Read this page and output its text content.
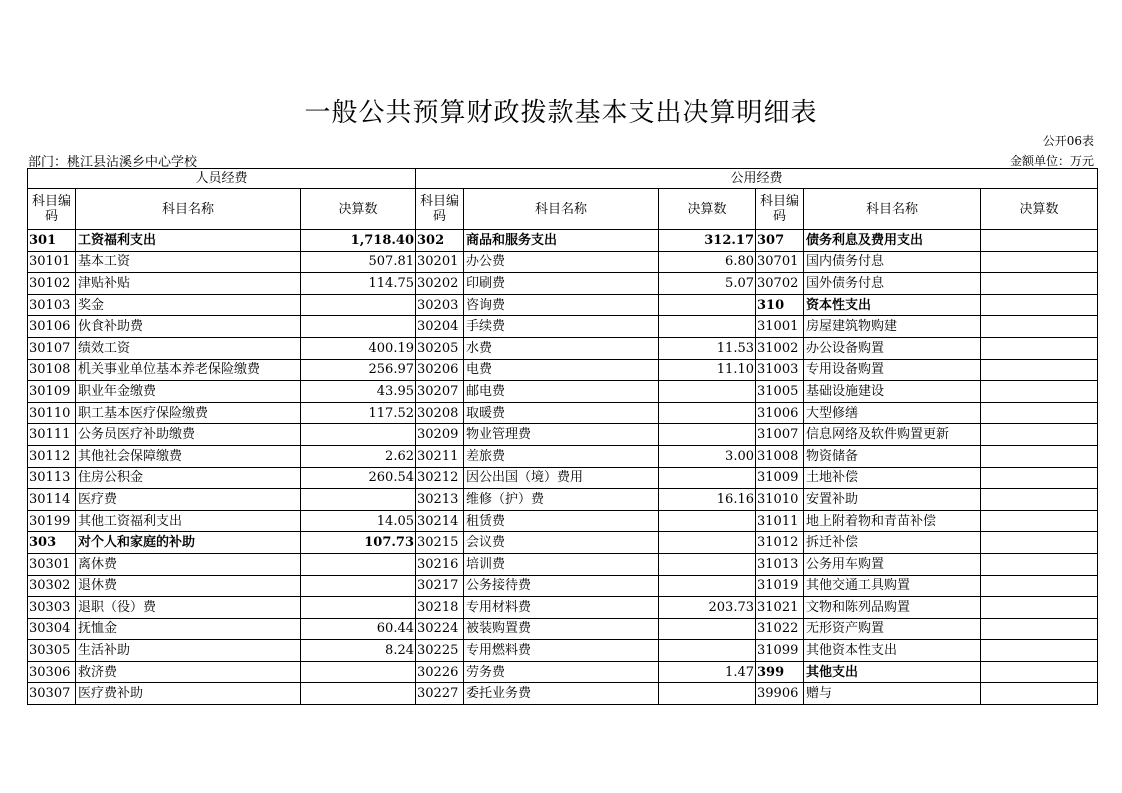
一般公共预算财政拨款基本支出决算明细表
公开06表
部门：桃江县沾溪乡中心学校	金额单位：万元
人员经费			公用经费					
科目编码	科目名称	决算数	科目编码	科目名称	决算数	科目编码	科目名称	决算数
301	工资福利支出	1,718.40	302	商品和服务支出	312.17	307	债务利息及费用支出	
30101	基本工资	507.81	30201	办公费	6.80	30701	国内债务付息	
30102	津贴补贴	114.75	30202	印刷费	5.07	30702	国外债务付息	
30103	奖金		30203	咨询费		310	资本性支出	
30106	伙食补助费		30204	手续费		31001	房屋建筑物购建	
30107	绩效工资	400.19	30205	水费	11.53	31002	办公设备购置	
30108	机关事业单位基本养老保险缴费	256.97	30206	电费	11.10	31003	专用设备购置	
30109	职业年金缴费	43.95	30207	邮电费		31005	基础设施建设	
30110	职工基本医疗保险缴费	117.52	30208	取暖费		31006	大型修缮	
30111	公务员医疗补助缴费		30209	物业管理费		31007	信息网络及软件购置更新	
30112	其他社会保障缴费	2.62	30211	差旅费	3.00	31008	物资储备	
30113	住房公积金	260.54	30212	因公出国（境）费用		31009	土地补偿	
30114	医疗费		30213	维修（护）费	16.16	31010	安置补助	
30199	其他工资福利支出	14.05	30214	租赁费		31011	地上附着物和青苗补偿	
303	对个人和家庭的补助	107.73	30215	会议费		31012	拆迁补偿	
30301	离休费		30216	培训费		31013	公务用车购置	
30302	退休费		30217	公务接待费		31019	其他交通工具购置	
30303	退职（役）费		30218	专用材料费	203.73	31021	文物和陈列品购置	
30304	抚恤金	60.44	30224	被装购置费		31022	无形资产购置	
30305	生活补助	8.24	30225	专用燃料费		31099	其他资本性支出	
30306	救济费		30226	劳务费	1.47	399	其他支出	
30307	医疗费补助		30227	委托业务费		39906	赠与	
